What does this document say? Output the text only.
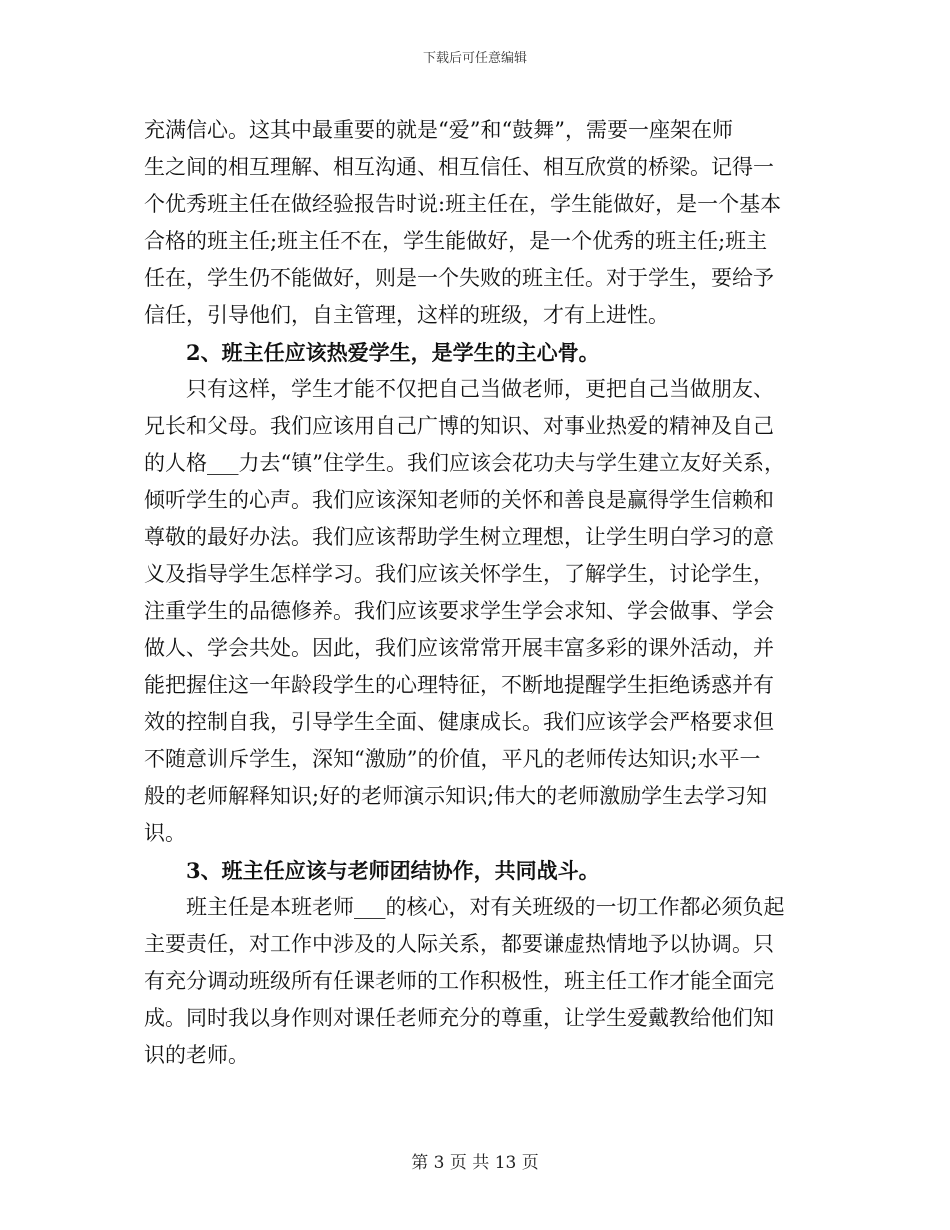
下载后可任意编辑
充满信心。这其中最重要的就是“爱”和“鼓舞”，需要一座架在师
生之间的相互理解、相互沟通、相互信任、相互欣赏的桥梁。记得一
个优秀班主任在做经验报告时说:班主任在，学生能做好，是一个基本
合格的班主任;班主任不在，学生能做好，是一个优秀的班主任;班主
任在，学生仍不能做好，则是一个失败的班主任。对于学生，要给予
信任，引导他们，自主管理，这样的班级，才有上进性。
2、班主任应该热爱学生，是学生的主心骨。
只有这样，学生才能不仅把自己当做老师，更把自己当做朋友、
兄长和父母。我们应该用自己广博的知识、对事业热爱的精神及自己
的人格___力去“镇”住学生。我们应该会花功夫与学生建立友好关系，
倾听学生的心声。我们应该深知老师的关怀和善良是赢得学生信赖和
尊敬的最好办法。我们应该帮助学生树立理想，让学生明白学习的意
义及指导学生怎样学习。我们应该关怀学生，了解学生，讨论学生，
注重学生的品德修养。我们应该要求学生学会求知、学会做事、学会
做人、学会共处。因此，我们应该常常开展丰富多彩的课外活动，并
能把握住这一年龄段学生的心理特征，不断地提醒学生拒绝诱惑并有
效的控制自我，引导学生全面、健康成长。我们应该学会严格要求但
不随意训斥学生，深知“激励”的价值，平凡的老师传达知识;水平一
般的老师解释知识;好的老师演示知识;伟大的老师激励学生去学习知
识。
3、班主任应该与老师团结协作，共同战斗。
班主任是本班老师___的核心，对有关班级的一切工作都必须负起
主要责任，对工作中涉及的人际关系，都要谦虚热情地予以协调。只
有充分调动班级所有任课老师的工作积极性，班主任工作才能全面完
成。同时我以身作则对课任老师充分的尊重，让学生爱戴教给他们知
识的老师。
第 3 页 共 13 页
